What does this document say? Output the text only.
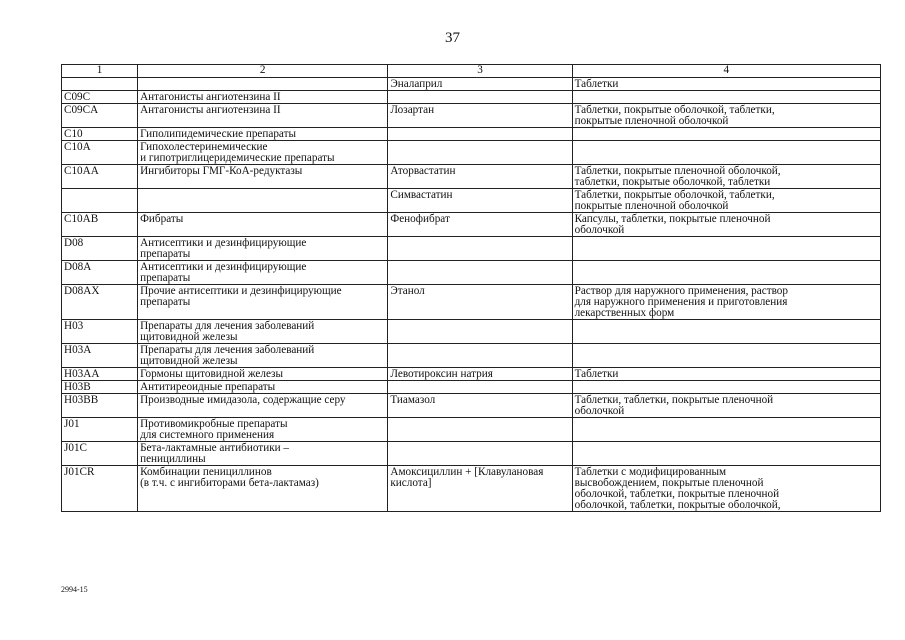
37
1	2	3	4
		Эналаприл	Таблетки
C09C	Антагонисты ангиотензина II		
C09CA	Антагонисты ангиотензина II	Лозартан	Таблетки, покрытые оболочкой, таблетки,
покрытые пленочной оболочкой
C10	Гиполипидемические препараты		
C10A	Гипохолестеринемические
и гипотриглицеридемические препараты		
C10AA	Ингибиторы ГМГ-КоА-редуктазы	Аторвастатин	Таблетки, покрытые пленочной оболочкой,
таблетки, покрытые оболочкой, таблетки
		Симвастатин	Таблетки, покрытые оболочкой, таблетки,
покрытые пленочной оболочкой
C10AB	Фибраты	Фенофибрат	Капсулы, таблетки, покрытые пленочной
оболочкой
D08	Антисептики и дезинфицирующие
препараты		
D08A	Антисептики и дезинфицирующие
препараты		
D08AX	Прочие антисептики и дезинфицирующие
препараты	Этанол	Раствор для наружного применения, раствор
для наружного применения и приготовления
лекарственных форм
H03	Препараты для лечения заболеваний
щитовидной железы		
H03A	Препараты для лечения заболеваний
щитовидной железы		
H03AA	Гормоны щитовидной железы	Левотироксин натрия	Таблетки
H03B	Антитиреоидные препараты		
H03BB	Производные имидазола, содержащие серу	Тиамазол	Таблетки, таблетки, покрытые пленочной
оболочкой
J01	Противомикробные препараты
для системного применения		
J01C	Бета-лактамные антибиотики –
пенициллины		
J01CR	Комбинации пенициллинов
(в т.ч. с ингибиторами бета-лактамаз)	Амоксициллин + [Клавулановая
кислота]	Таблетки с модифицированным
высвобождением, покрытые пленочной
оболочкой, таблетки, покрытые пленочной
оболочкой, таблетки, покрытые оболочкой,
2994-15
